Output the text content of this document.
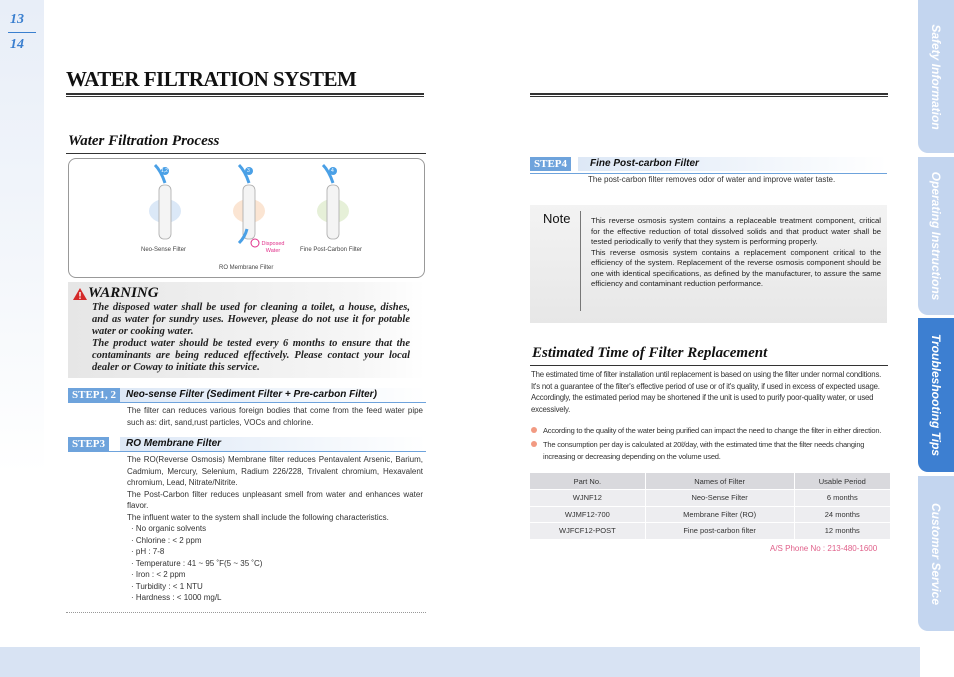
13
14	Safety Information
Operating Instructions
Troubleshooting Tips
Customer Service
WATER FILTRATION SYSTEM
Water Filtration Process
Neo-Sense Filter
RO Membrane Filter
Fine Post-Carbon Filter
Disposed Water
1,2	3	4
WARNING
The disposed water shall be used for cleaning a toilet, a house, dishes, and as water for sundry uses. However, please do not use it for potable water or cooking water.
The product water should be tested every 6 months to ensure that the contaminants are being reduced effectively. Please contact your local dealer or Coway to initiate this service.
STEP1, 2 Neo-sense Filter (Sediment Filter + Pre-carbon Filter)
The filter can reduces various foreign bodies that come from the feed water pipe such as: dirt, sand,rust particles, VOCs and chlorine.
STEP3	RO Membrane Filter
The RO(Reverse Osmosis) Membrane filter reduces Pentavalent Arsenic, Barium, Cadmium, Mercury, Selenium, Radium 226/228, Trivalent chromium, Hexavalent chromium, Lead, Nitrate/Nitrite.
The Post-Carbon filter reduces unpleasant smell from water and enhances water flavor.
The influent water to the system shall include the following characteristics.
· No organic solvents
· Chlorine : < 2 ppm
· pH : 7-8
· Temperature : 41 ~ 95 ˚F(5 ~ 35 ˚C)
· Iron : < 2 ppm
· Turbidity : < 1 NTU
· Hardness : < 1000 mg/L
STEP4	Fine Post-carbon Filter
The post-carbon filter removes odor of water and improve water taste.
Note	This reverse osmosis system contains a replaceable treatment component, critical for the effective reduction of total dissolved solids and that product water shall be tested periodically to verify that they system is performing properly.
This reverse osmosis system contains a replacement component critical to the efficiency of the system. Replacement of the reverse osmosis component should be one with identical specifications, as defined by the manufacturer, to assure the same efficiency and contaminant reduction performance.
Estimated Time of Filter Replacement
The estimated time of filter installation until replacement is based on using the filter under normal conditions. It's not a guarantee of the filter's effective period of use or of it's quality, if used in excess of expected usage. Accordingly, the estimated period may be shortened if the unit is used to purify poor-quality water, or used excessively.
According to the quality of the water being purified can impact the need to change the filter in either direction.
The consumption per day is calculated at 20ℓ/day, with the estimated time that the filter needs changing increasing or decreasing depending on the volume used.
Part No.	Names of Filter	Usable Period
WJNF12	Neo-Sense Filter	6 months
WJMF12-700	Membrane Filter (RO)	24 months
WJFCF12-POST	Fine post-carbon filter	12 months
A/S Phone No : 213-480-1600
